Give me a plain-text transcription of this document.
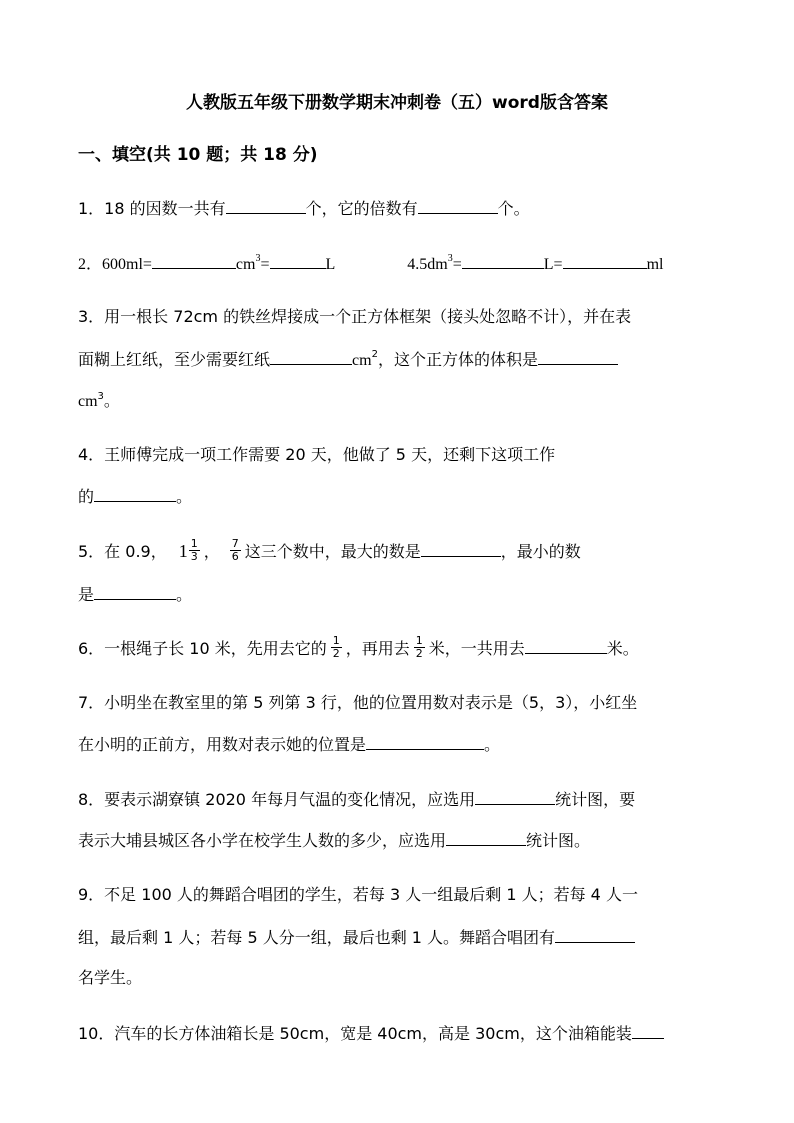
人教版五年级下册数学期末冲刺卷（五）word版含答案
一、填空(共 10 题；共 18 分)
1．18 的因数一共有	个，它的倍数有	个。
2．600ml=	$cm^3=$	L	$4.5dm^3=$	L=	ml
3．用一根长 72cm 的铁丝焊接成一个正方体框架（接头处忽略不计），并在表
面糊上红纸，至少需要红纸	$cm^2$，这个正方体的体积是
$cm^3$。
4．王师傅完成一项工作需要 20 天，他做了 5 天，还剩下这项工作
的	。
5．在 0.9， $1 \frac{1}{3}$ ， $\frac{7}{6}$ 这三个数中，最大的数是	，最小的数
是	。
6．一根绳子长 10 米，先用去它的 $\frac{1}{2}$ ，再用去 $\frac{1}{2}$ 米，一共用去	米。
7．小明坐在教室里的第 5 列第 3 行，他的位置用数对表示是（5，3），小红坐
在小明的正前方，用数对表示她的位置是	。
8．要表示湖寮镇 2020 年每月气温的变化情况，应选用	统计图，要
表示大埔县城区各小学在校学生人数的多少，应选用	统计图。
9．不足 100 人的舞蹈合唱团的学生，若每 3 人一组最后剩 1 人；若每 4 人一
组，最后剩 1 人；若每 5 人分一组，最后也剩 1 人。舞蹈合唱团有
名学生。
10．汽车的长方体油箱长是 50cm，宽是 40cm，高是 30cm，这个油箱能装
